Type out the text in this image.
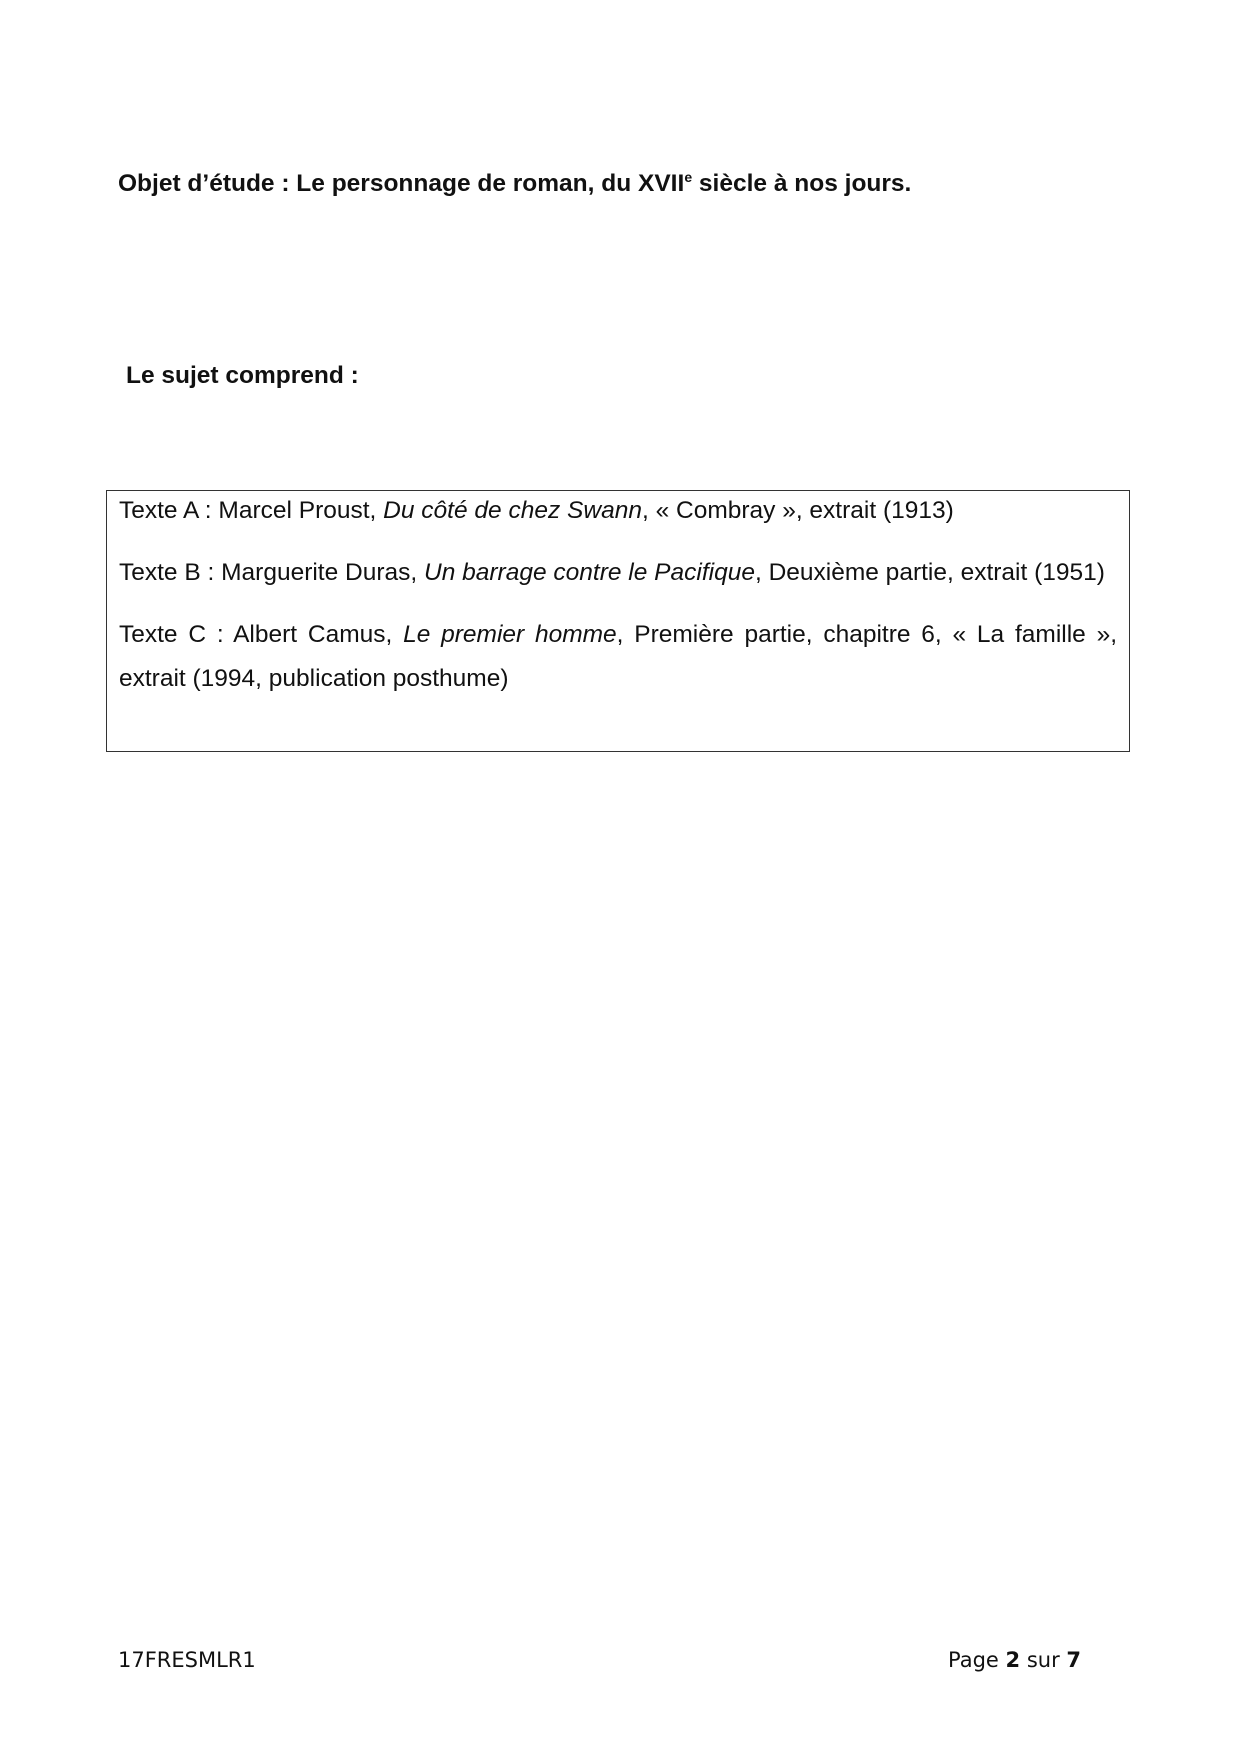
Objet d’étude : Le personnage de roman, du XVIIe siècle à nos jours.
Le sujet comprend :
Texte A : Marcel Proust, Du côté de chez Swann, « Combray », extrait (1913)
Texte B : Marguerite Duras, Un barrage contre le Pacifique, Deuxième partie, extrait (1951)
Texte C : Albert Camus, Le premier homme, Première partie, chapitre 6, « La famille », extrait (1994, publication posthume)
17FRESMLR1	Page 2 sur 7
